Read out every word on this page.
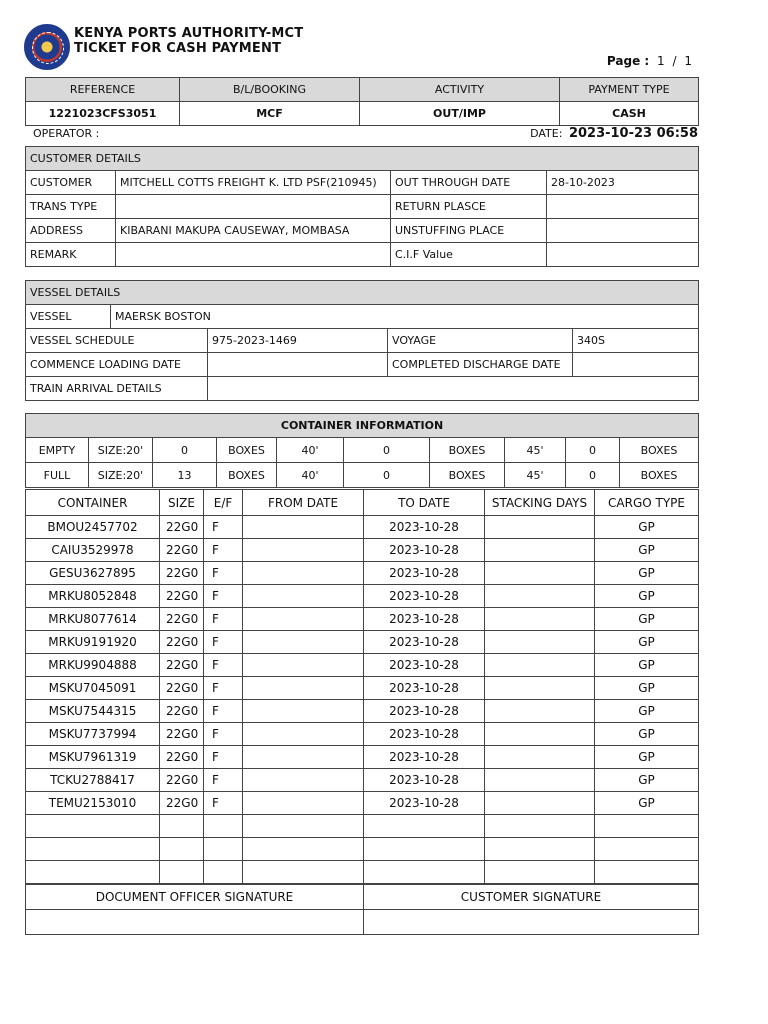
KENYA PORTS AUTHORITY-MCT
TICKET FOR CASH PAYMENT
Page : 1 / 1
REFERENCE	B/L/BOOKING	ACTIVITY	PAYMENT TYPE
1221023CFS3051	MCF	OUT/IMP	CASH
OPERATOR :	DATE: 2023-10-23 06:58
CUSTOMER DETAILS			
CUSTOMER	MITCHELL COTTS FREIGHT K. LTD PSF(210945)	OUT THROUGH DATE	28-10-2023
TRANS TYPE		RETURN PLASCE	
ADDRESS	KIBARANI MAKUPA CAUSEWAY, MOMBASA	UNSTUFFING PLACE	
REMARK		C.I.F Value	
VESSEL DETAILS				
VESSEL	MAERSK BOSTON			
VESSEL SCHEDULE		975-2023-1469	VOYAGE	340S
COMMENCE LOADING DATE			COMPLETED DISCHARGE DATE	
TRAIN ARRIVAL DETAILS				
CONTAINER INFORMATION									
EMPTY	SIZE:20'	0	BOXES	40'	0	BOXES	45'	0	BOXES
FULL	SIZE:20'	13	BOXES	40'	0	BOXES	45'	0	BOXES
CONTAINER	SIZE	E/F	FROM DATE	TO DATE	STACKING DAYS	CARGO TYPE
BMOU2457702	22G0	F		2023-10-28		GP
CAIU3529978	22G0	F		2023-10-28		GP
GESU3627895	22G0	F		2023-10-28		GP
MRKU8052848	22G0	F		2023-10-28		GP
MRKU8077614	22G0	F		2023-10-28		GP
MRKU9191920	22G0	F		2023-10-28		GP
MRKU9904888	22G0	F		2023-10-28		GP
MSKU7045091	22G0	F		2023-10-28		GP
MSKU7544315	22G0	F		2023-10-28		GP
MSKU7737994	22G0	F		2023-10-28		GP
MSKU7961319	22G0	F		2023-10-28		GP
TCKU2788417	22G0	F		2023-10-28		GP
TEMU2153010	22G0	F		2023-10-28		GP

DOCUMENT OFFICER SIGNATURE	CUSTOMER SIGNATURE
